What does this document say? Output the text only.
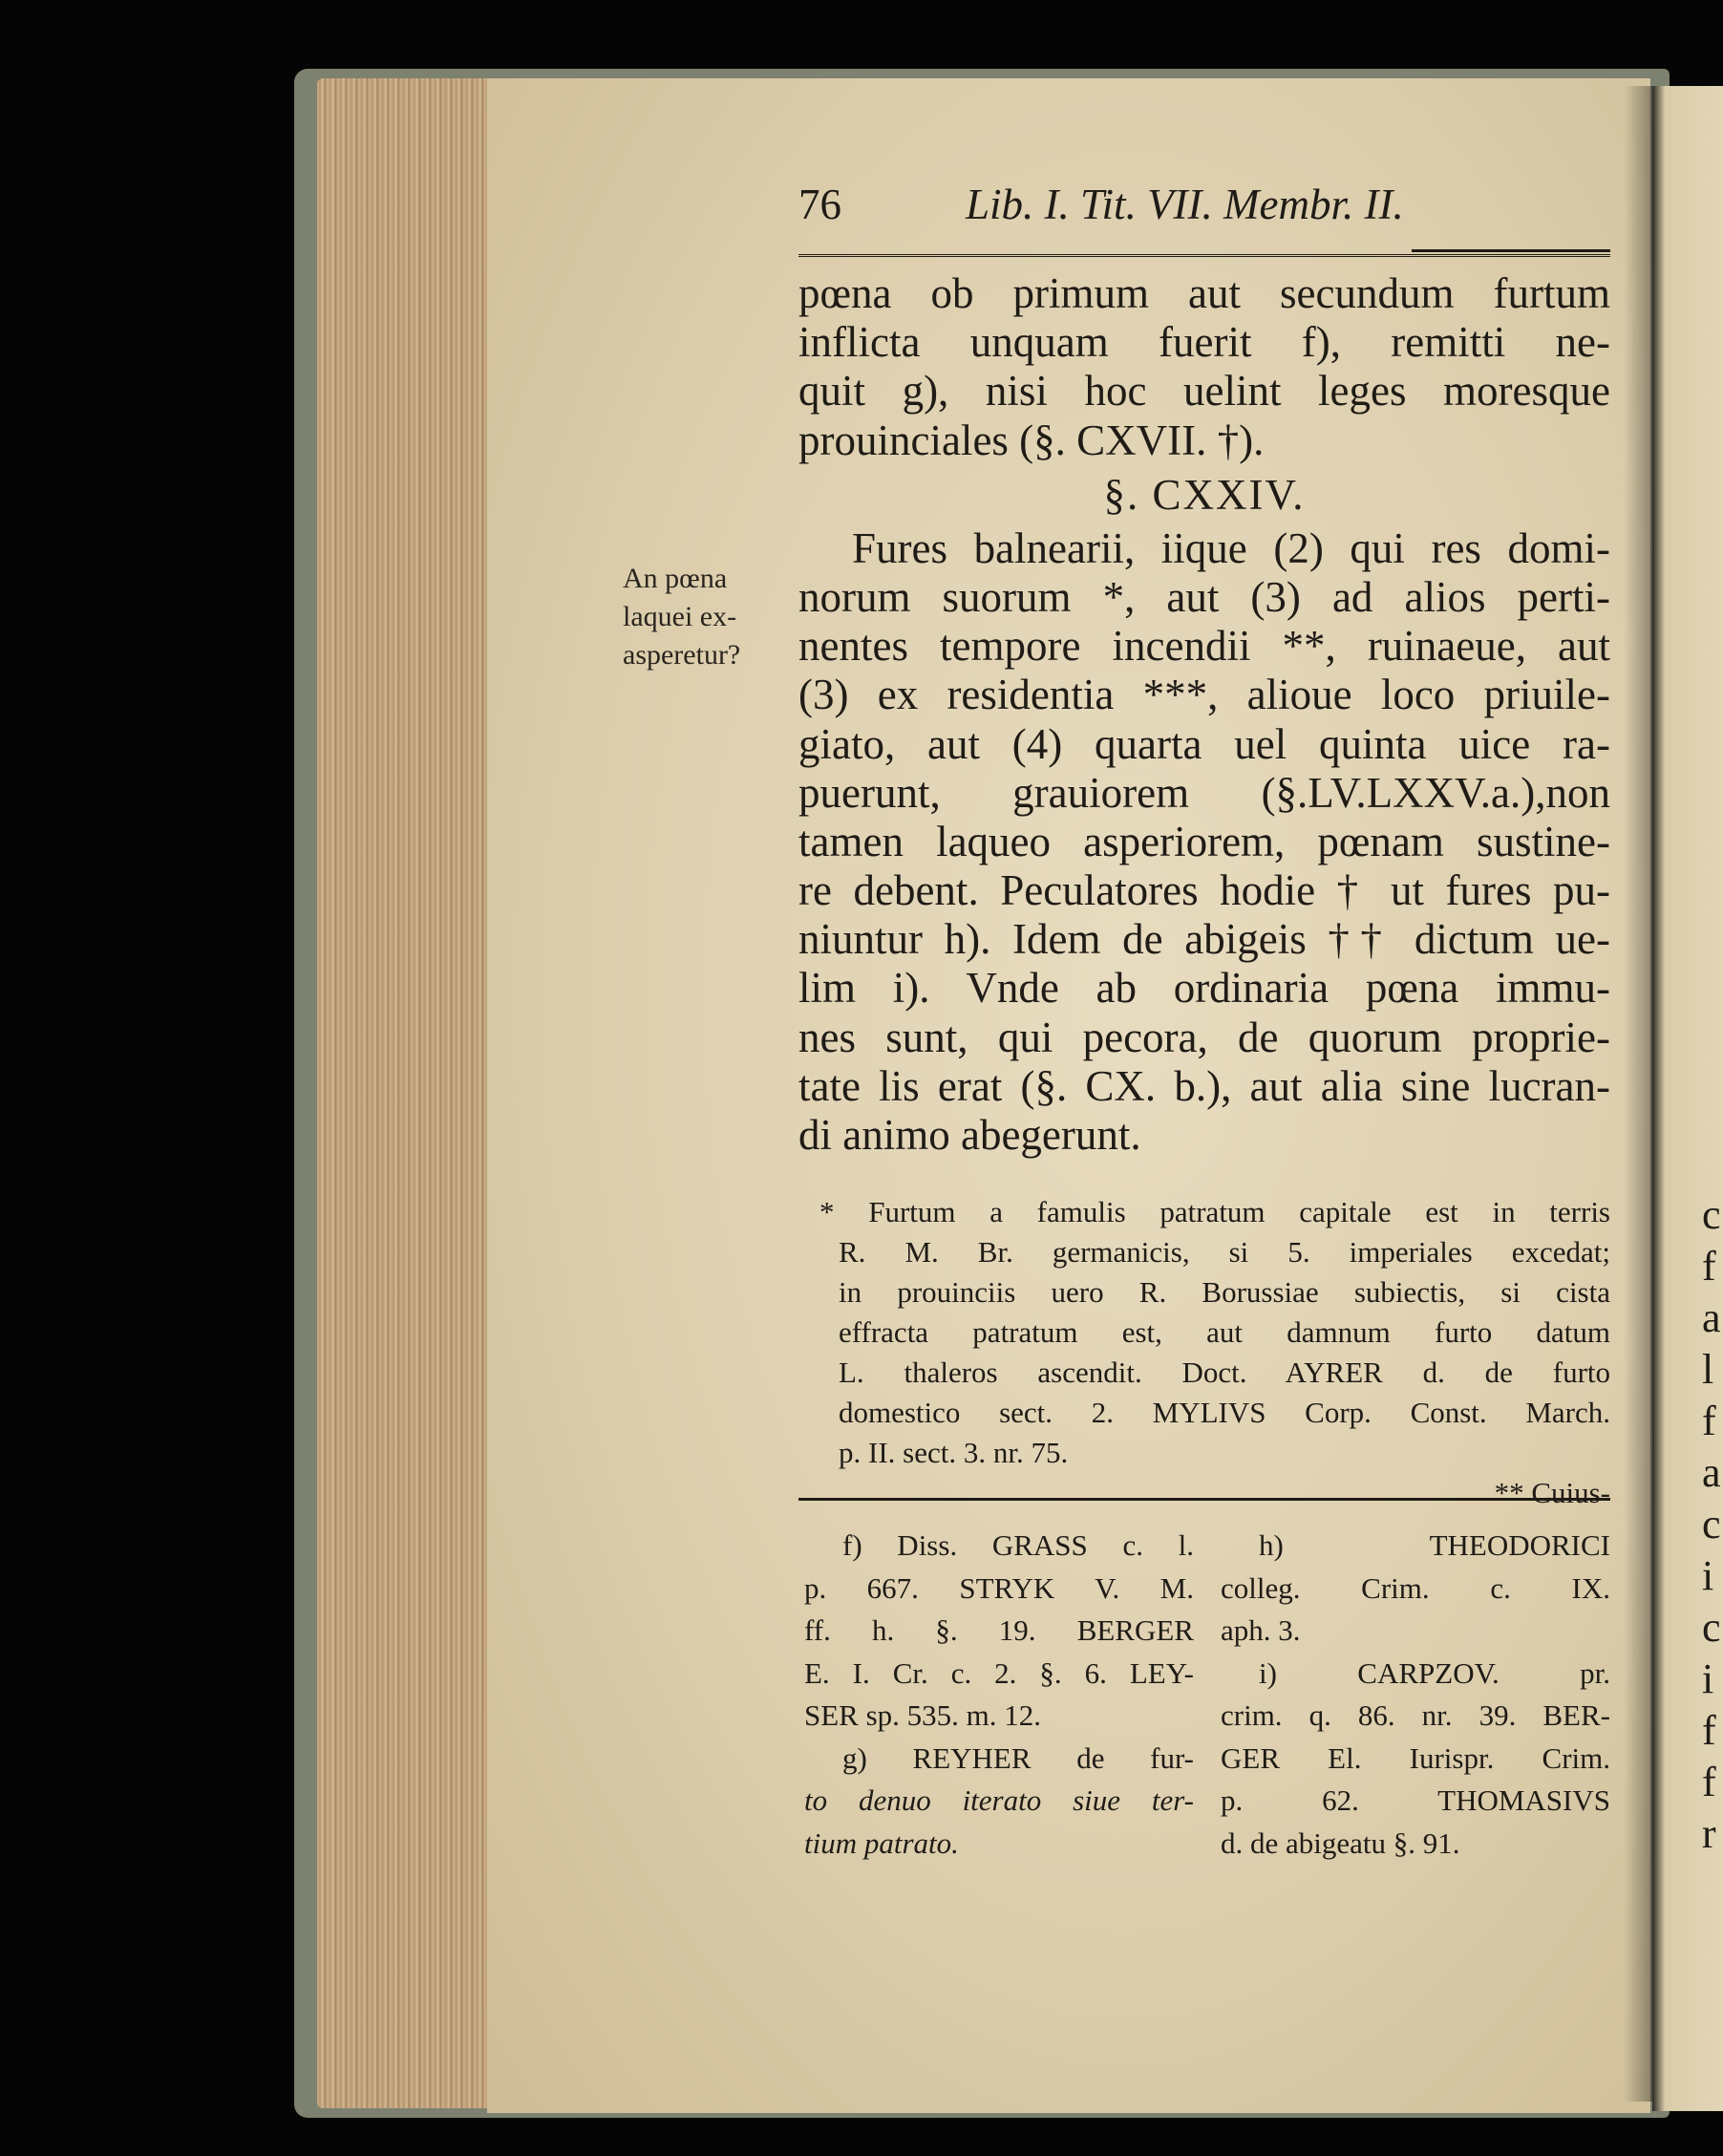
c
f
a
l
f
a
c
i
c
i
f
f
r
76	Lib. I. Tit. VII. Membr. II.
An pœna
laquei ex-
asperetur?
pœna ob primum aut secundum furtum
inflicta unquam fuerit f), remitti ne-
quit g), nisi hoc uelint leges moresque
prouinciales (§. CXVII. †).
§. CXXIV.
Fures balnearii, iique (2) qui res domi-
norum suorum *, aut (3) ad alios perti-
nentes tempore incendii **, ruinaeue, aut
(3) ex residentia ***, alioue loco priuile-
giato, aut (4) quarta uel quinta uice ra-
puerunt, grauiorem (§.LV.LXXV.a.),non
tamen laqueo asperiorem, pœnam sustine-
re debent. Peculatores hodie † ut fures pu-
niuntur h). Idem de abigeis †† dictum ue-
lim i). Vnde ab ordinaria pœna immu-
nes sunt, qui pecora, de quorum proprie-
tate lis erat (§. CX. b.), aut alia sine lucran-
di animo abegerunt.
* Furtum a famulis patratum capitale est in terris
R. M. Br. germanicis, si 5. imperiales excedat;
in prouinciis uero R. Borussiae subiectis, si cista
effracta patratum est, aut damnum furto datum
L. thaleros ascendit. Doct. AYRER d. de furto
domestico sect. 2. MYLIVS Corp. Const. March.
p. II. sect. 3. nr. 75.
** Cuius-
f) Diss. GRASS c. l.
p. 667. STRYK V. M.
ff. h. §. 19. BERGER
E. I. Cr. c. 2. §. 6. LEY-
SER sp. 535. m. 12.
g) REYHER de fur-
to denuo iterato siue ter-
tium patrato.
h) THEODORICI
colleg. Crim. c. IX.
aph. 3.
i) CARPZOV. pr.
crim. q. 86. nr. 39. BER-
GER El. Iurispr. Crim.
p. 62. THOMASIVS
d. de abigeatu §. 91.
